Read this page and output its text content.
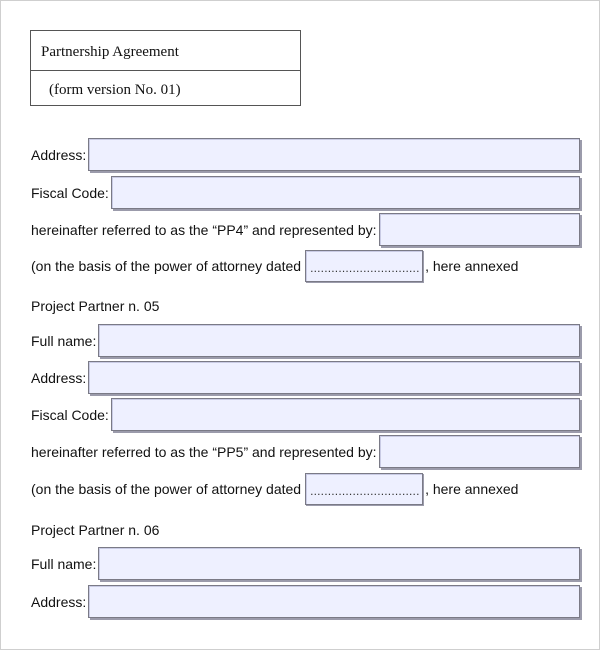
Partnership Agreement
(form version No. 01)
Address:
Fiscal Code:
hereinafter referred to as the “PP4” and represented by:
(on the basis of the power of attorney dated ............................... , here annexed
Project Partner n. 05
Full name:
Address:
Fiscal Code:
hereinafter referred to as the “PP5” and represented by:
(on the basis of the power of attorney dated ............................... , here annexed
Project Partner n. 06
Full name:
Address:
